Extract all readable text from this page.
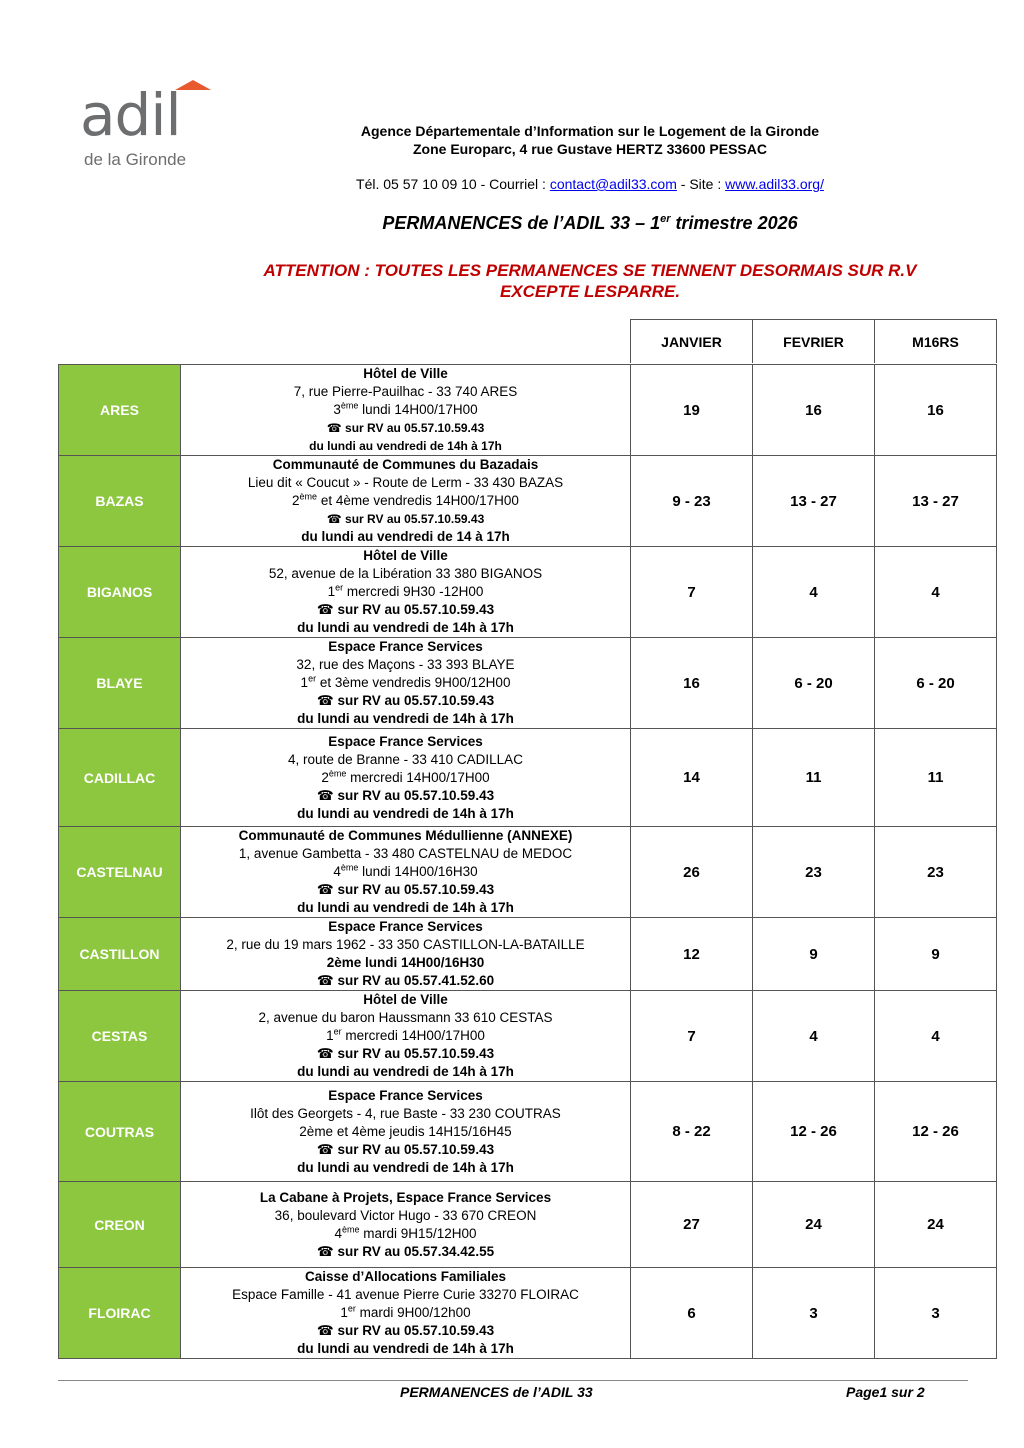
adil
de la Gironde
Agence Départementale d’Information sur le Logement de la Gironde
Zone Europarc, 4 rue Gustave HERTZ 33600 PESSAC
Tél. 05 57 10 09 10 - Courriel : contact@adil33.com - Site : www.adil33.org/
PERMANENCES de l’ADIL 33 – 1er trimestre 2026
ATTENTION : TOUTES LES PERMANENCES SE TIENNENT DESORMAIS SUR R.V
EXCEPTE LESPARRE.
JANVIER	FEVRIER	M16RS
ARES	Hôtel de Ville
7, rue Pierre-Pauilhac - 33 740 ARES
3ème lundi 14H00/17H00
☎ sur RV au 05.57.10.59.43
du lundi au vendredi de 14h à 17h	19	16	16
BAZAS	Communauté de Communes du Bazadais
Lieu dit « Coucut » - Route de Lerm - 33 430 BAZAS
2ème et 4ème vendredis 14H00/17H00
☎ sur RV au 05.57.10.59.43
du lundi au vendredi de 14 à 17h	9 - 23	13 - 27	13 - 27
BIGANOS	Hôtel de Ville
52, avenue de la Libération 33 380 BIGANOS
1er mercredi 9H30 -12H00
☎ sur RV au 05.57.10.59.43
du lundi au vendredi de 14h à 17h	7	4	4
BLAYE	Espace France Services
32, rue des Maçons - 33 393 BLAYE
1er et 3ème vendredis 9H00/12H00
☎ sur RV au 05.57.10.59.43
du lundi au vendredi de 14h à 17h	16	6 - 20	6 - 20
CADILLAC	Espace France Services
4, route de Branne - 33 410 CADILLAC
2ème mercredi 14H00/17H00
☎ sur RV au 05.57.10.59.43
du lundi au vendredi de 14h à 17h	14	11	11
CASTELNAU	Communauté de Communes Médullienne (ANNEXE)
1, avenue Gambetta - 33 480 CASTELNAU de MEDOC
4ème lundi 14H00/16H30
☎ sur RV au 05.57.10.59.43
du lundi au vendredi de 14h à 17h	26	23	23
CASTILLON	Espace France Services
2, rue du 19 mars 1962 - 33 350 CASTILLON-LA-BATAILLE
2ème lundi 14H00/16H30
☎ sur RV au 05.57.41.52.60	12	9	9
CESTAS	Hôtel de Ville
2, avenue du baron Haussmann 33 610 CESTAS
1er mercredi 14H00/17H00
☎ sur RV au 05.57.10.59.43
du lundi au vendredi de 14h à 17h	7	4	4
COUTRAS	Espace France Services
Ilôt des Georgets - 4, rue Baste - 33 230 COUTRAS
2ème et 4ème jeudis 14H15/16H45
☎ sur RV au 05.57.10.59.43
du lundi au vendredi de 14h à 17h	8 - 22	12 - 26	12 - 26
CREON	La Cabane à Projets, Espace France Services
36, boulevard Victor Hugo - 33 670 CREON
4ème mardi 9H15/12H00
☎ sur RV au 05.57.34.42.55	27	24	24
FLOIRAC	Caisse d’Allocations Familiales
Espace Famille - 41 avenue Pierre Curie 33270 FLOIRAC
1er mardi 9H00/12h00
☎ sur RV au 05.57.10.59.43
du lundi au vendredi de 14h à 17h	6	3	3
PERMANENCES de l’ADIL 33	Page1 sur 2
